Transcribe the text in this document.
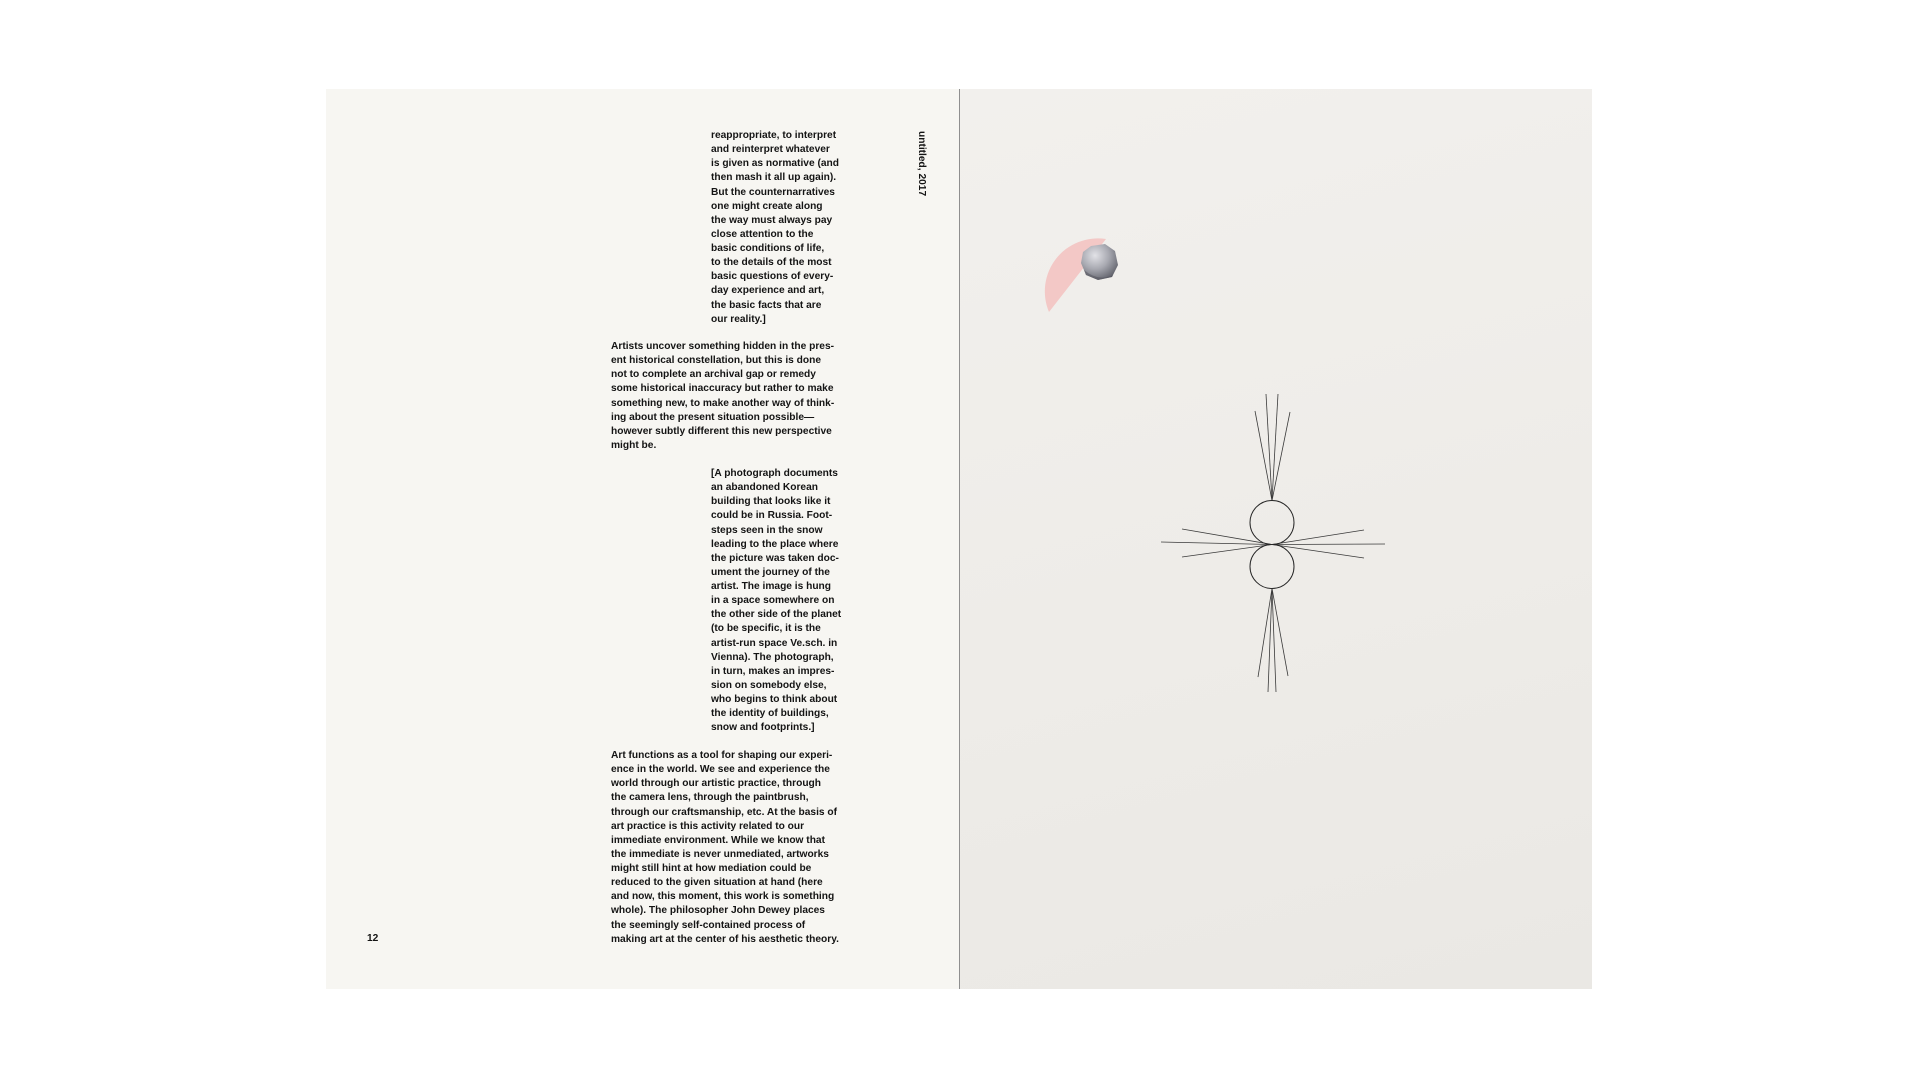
reappropriate, to interpret
and reinterpret whatever
is given as normative (and
then mash it all up again).
But the counternarratives
one might create along
the way must always pay
close attention to the
basic conditions of life,
to the details of the most
basic questions of every-
day experience and art,
the basic facts that are
our reality.]
Artists uncover something hidden in the pres-
ent historical constellation, but this is done
not to complete an archival gap or remedy
some historical inaccuracy but rather to make
something new, to make another way of think-
ing about the present situation possible—
however subtly different this new perspective
might be.
[A photograph documents
an abandoned Korean
building that looks like it
could be in Russia. Foot-
steps seen in the snow
leading to the place where
the picture was taken doc-
ument the journey of the
artist. The image is hung
in a space somewhere on
the other side of the planet
(to be specific, it is the
artist-run space Ve.sch. in
Vienna). The photograph,
in turn, makes an impres-
sion on somebody else,
who begins to think about
the identity of buildings,
snow and footprints.]
Art functions as a tool for shaping our experi-
ence in the world. We see and experience the
world through our artistic practice, through
the camera lens, through the paintbrush,
through our craftsmanship, etc. At the basis of
art practice is this activity related to our
immediate environment. While we know that
the immediate is never unmediated, artworks
might still hint at how mediation could be
reduced to the given situation at hand (here
and now, this moment, this work is something
whole). The philosopher John Dewey places
the seemingly self-contained process of
making art at the center of his aesthetic theory.
12
untitled, 2017
